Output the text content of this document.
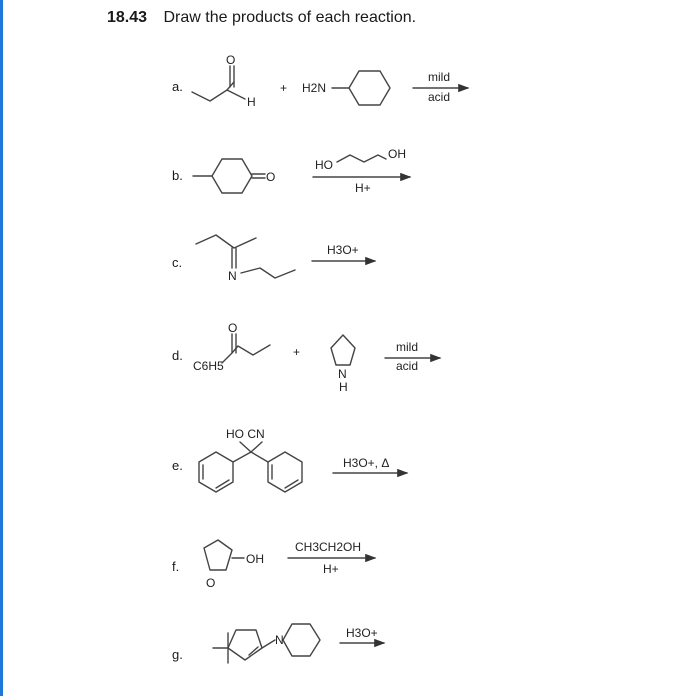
18.43 Draw the products of each reaction.
a.
b.
c.
d.
e.
f.
g.
O
H
+ H2N
mild
acid
O
HO
OH
H+
N
H3O+
C6H5
O
+
N
H
mild
acid
HO CN
H3O+, Δ
O
OH
CH3CH2OH
H+
N	H3O+
